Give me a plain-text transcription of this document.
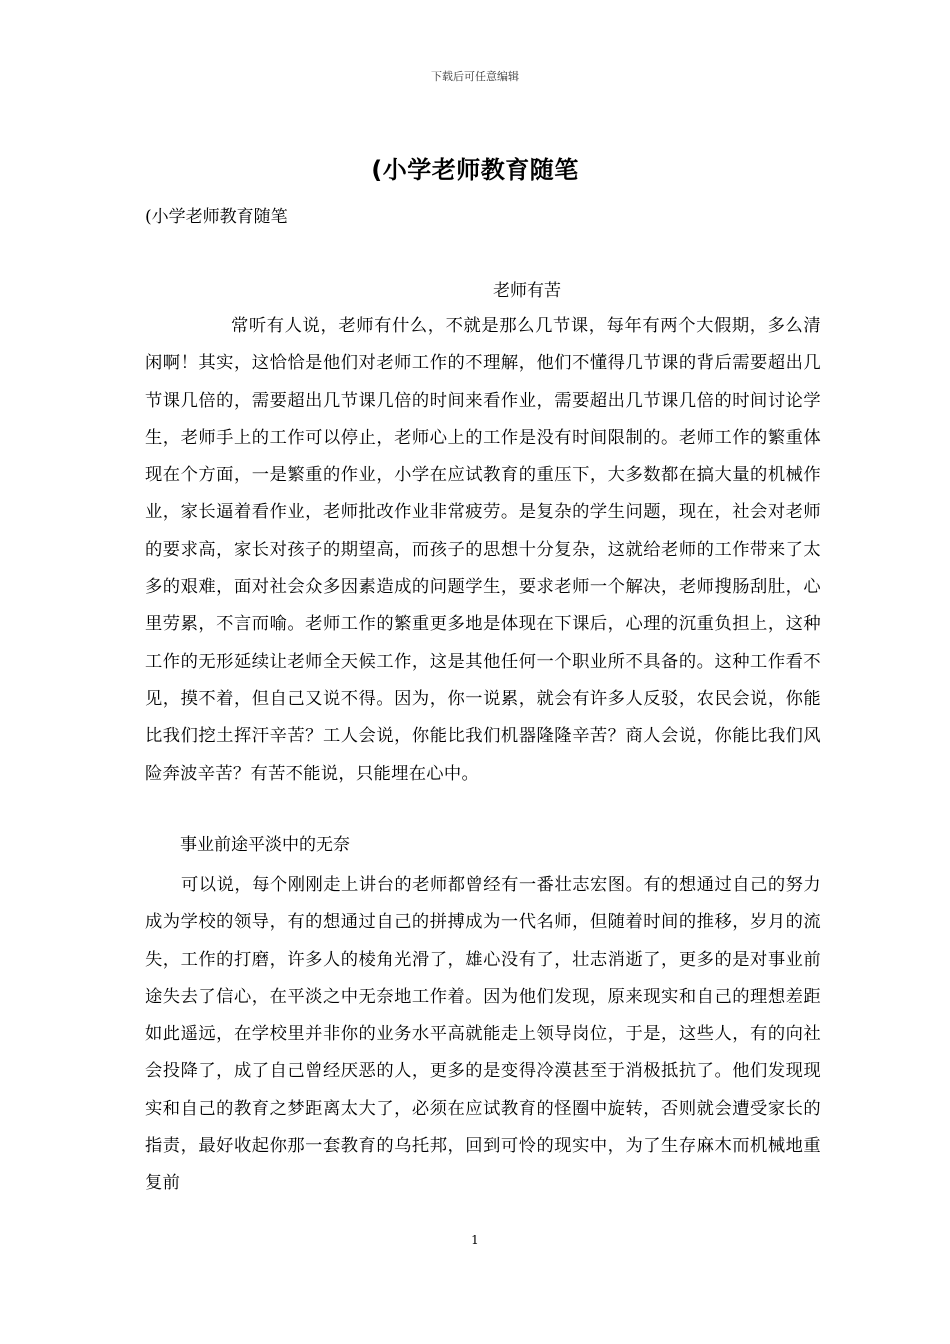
下载后可任意编辑
(小学老师教育随笔
(小学老师教育随笔
老师有苦
常听有人说，老师有什么，不就是那么几节课，每年有两个大假期，多么清闲啊！其实，这恰恰是他们对老师工作的不理解，他们不懂得几节课的背后需要超出几节课几倍的，需要超出几节课几倍的时间来看作业，需要超出几节课几倍的时间讨论学生，老师手上的工作可以停止，老师心上的工作是没有时间限制的。老师工作的繁重体现在个方面，一是繁重的作业，小学在应试教育的重压下，大多数都在搞大量的机械作业，家长逼着看作业，老师批改作业非常疲劳。是复杂的学生问题，现在，社会对老师的要求高，家长对孩子的期望高，而孩子的思想十分复杂，这就给老师的工作带来了太多的艰难，面对社会众多因素造成的问题学生，要求老师一个解决，老师搜肠刮肚，心里劳累，不言而喻。老师工作的繁重更多地是体现在下课后，心理的沉重负担上，这种工作的无形延续让老师全天候工作，这是其他任何一个职业所不具备的。这种工作看不见，摸不着，但自己又说不得。因为，你一说累，就会有许多人反驳，农民会说，你能比我们挖土挥汗辛苦？工人会说，你能比我们机器隆隆辛苦？商人会说，你能比我们风险奔波辛苦？有苦不能说，只能埋在心中。
事业前途平淡中的无奈
可以说，每个刚刚走上讲台的老师都曾经有一番壮志宏图。有的想通过自己的努力成为学校的领导，有的想通过自己的拼搏成为一代名师，但随着时间的推移，岁月的流失，工作的打磨，许多人的棱角光滑了，雄心没有了，壮志消逝了，更多的是对事业前途失去了信心，在平淡之中无奈地工作着。因为他们发现，原来现实和自己的理想差距如此遥远，在学校里并非你的业务水平高就能走上领导岗位，于是，这些人，有的向社会投降了，成了自己曾经厌恶的人，更多的是变得冷漠甚至于消极抵抗了。他们发现现实和自己的教育之梦距离太大了，必须在应试教育的怪圈中旋转，否则就会遭受家长的指责，最好收起你那一套教育的乌托邦，回到可怜的现实中，为了生存麻木而机械地重复前
1
